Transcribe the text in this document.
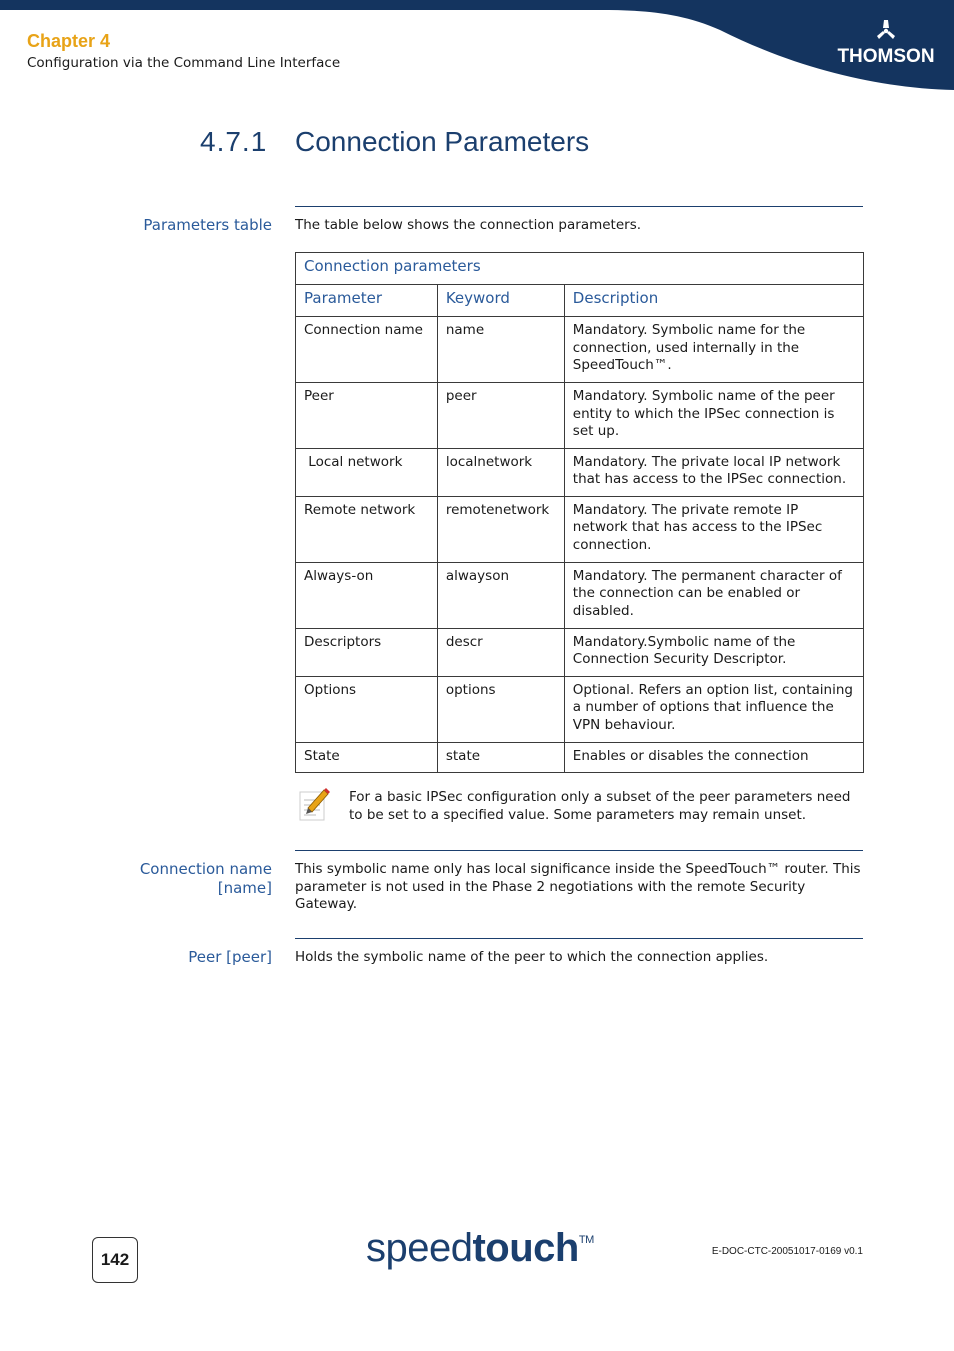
Chapter 4
Configuration via the Command Line Interface	THOMSON
4.7.1 Connection Parameters
Parameters table The table below shows the connection parameters.
Connection parameters		
Parameter	Keyword	Description
Connection name	name	Mandatory. Symbolic name for the connection, used internally in the SpeedTouch™.
Peer	peer	Mandatory. Symbolic name of the peer entity to which the IPSec connection is set up.
Local network	localnetwork	Mandatory. The private local IP network that has access to the IPSec connection.
Remote network	remotenetwork	Mandatory. The private remote IP network that has access to the IPSec connection.
Always-on	alwayson	Mandatory. The permanent character of the connection can be enabled or disabled.
Descriptors	descr	Mandatory.Symbolic name of the Connection Security Descriptor.
Options	options	Optional. Refers an option list, containing a number of options that influence the VPN behaviour.
State	state	Enables or disables the connection
For a basic IPSec configuration only a subset of the peer parameters need to be set to a specified value. Some parameters may remain unset.
Connection name
[name]
This symbolic name only has local significance inside the SpeedTouch™ router. This parameter is not used in the Phase 2 negotiations with the remote Security Gateway.
Peer [peer] Holds the symbolic name of the peer to which the connection applies.
142	speedtouch™
E-DOC-CTC-20051017-0169 v0.1
